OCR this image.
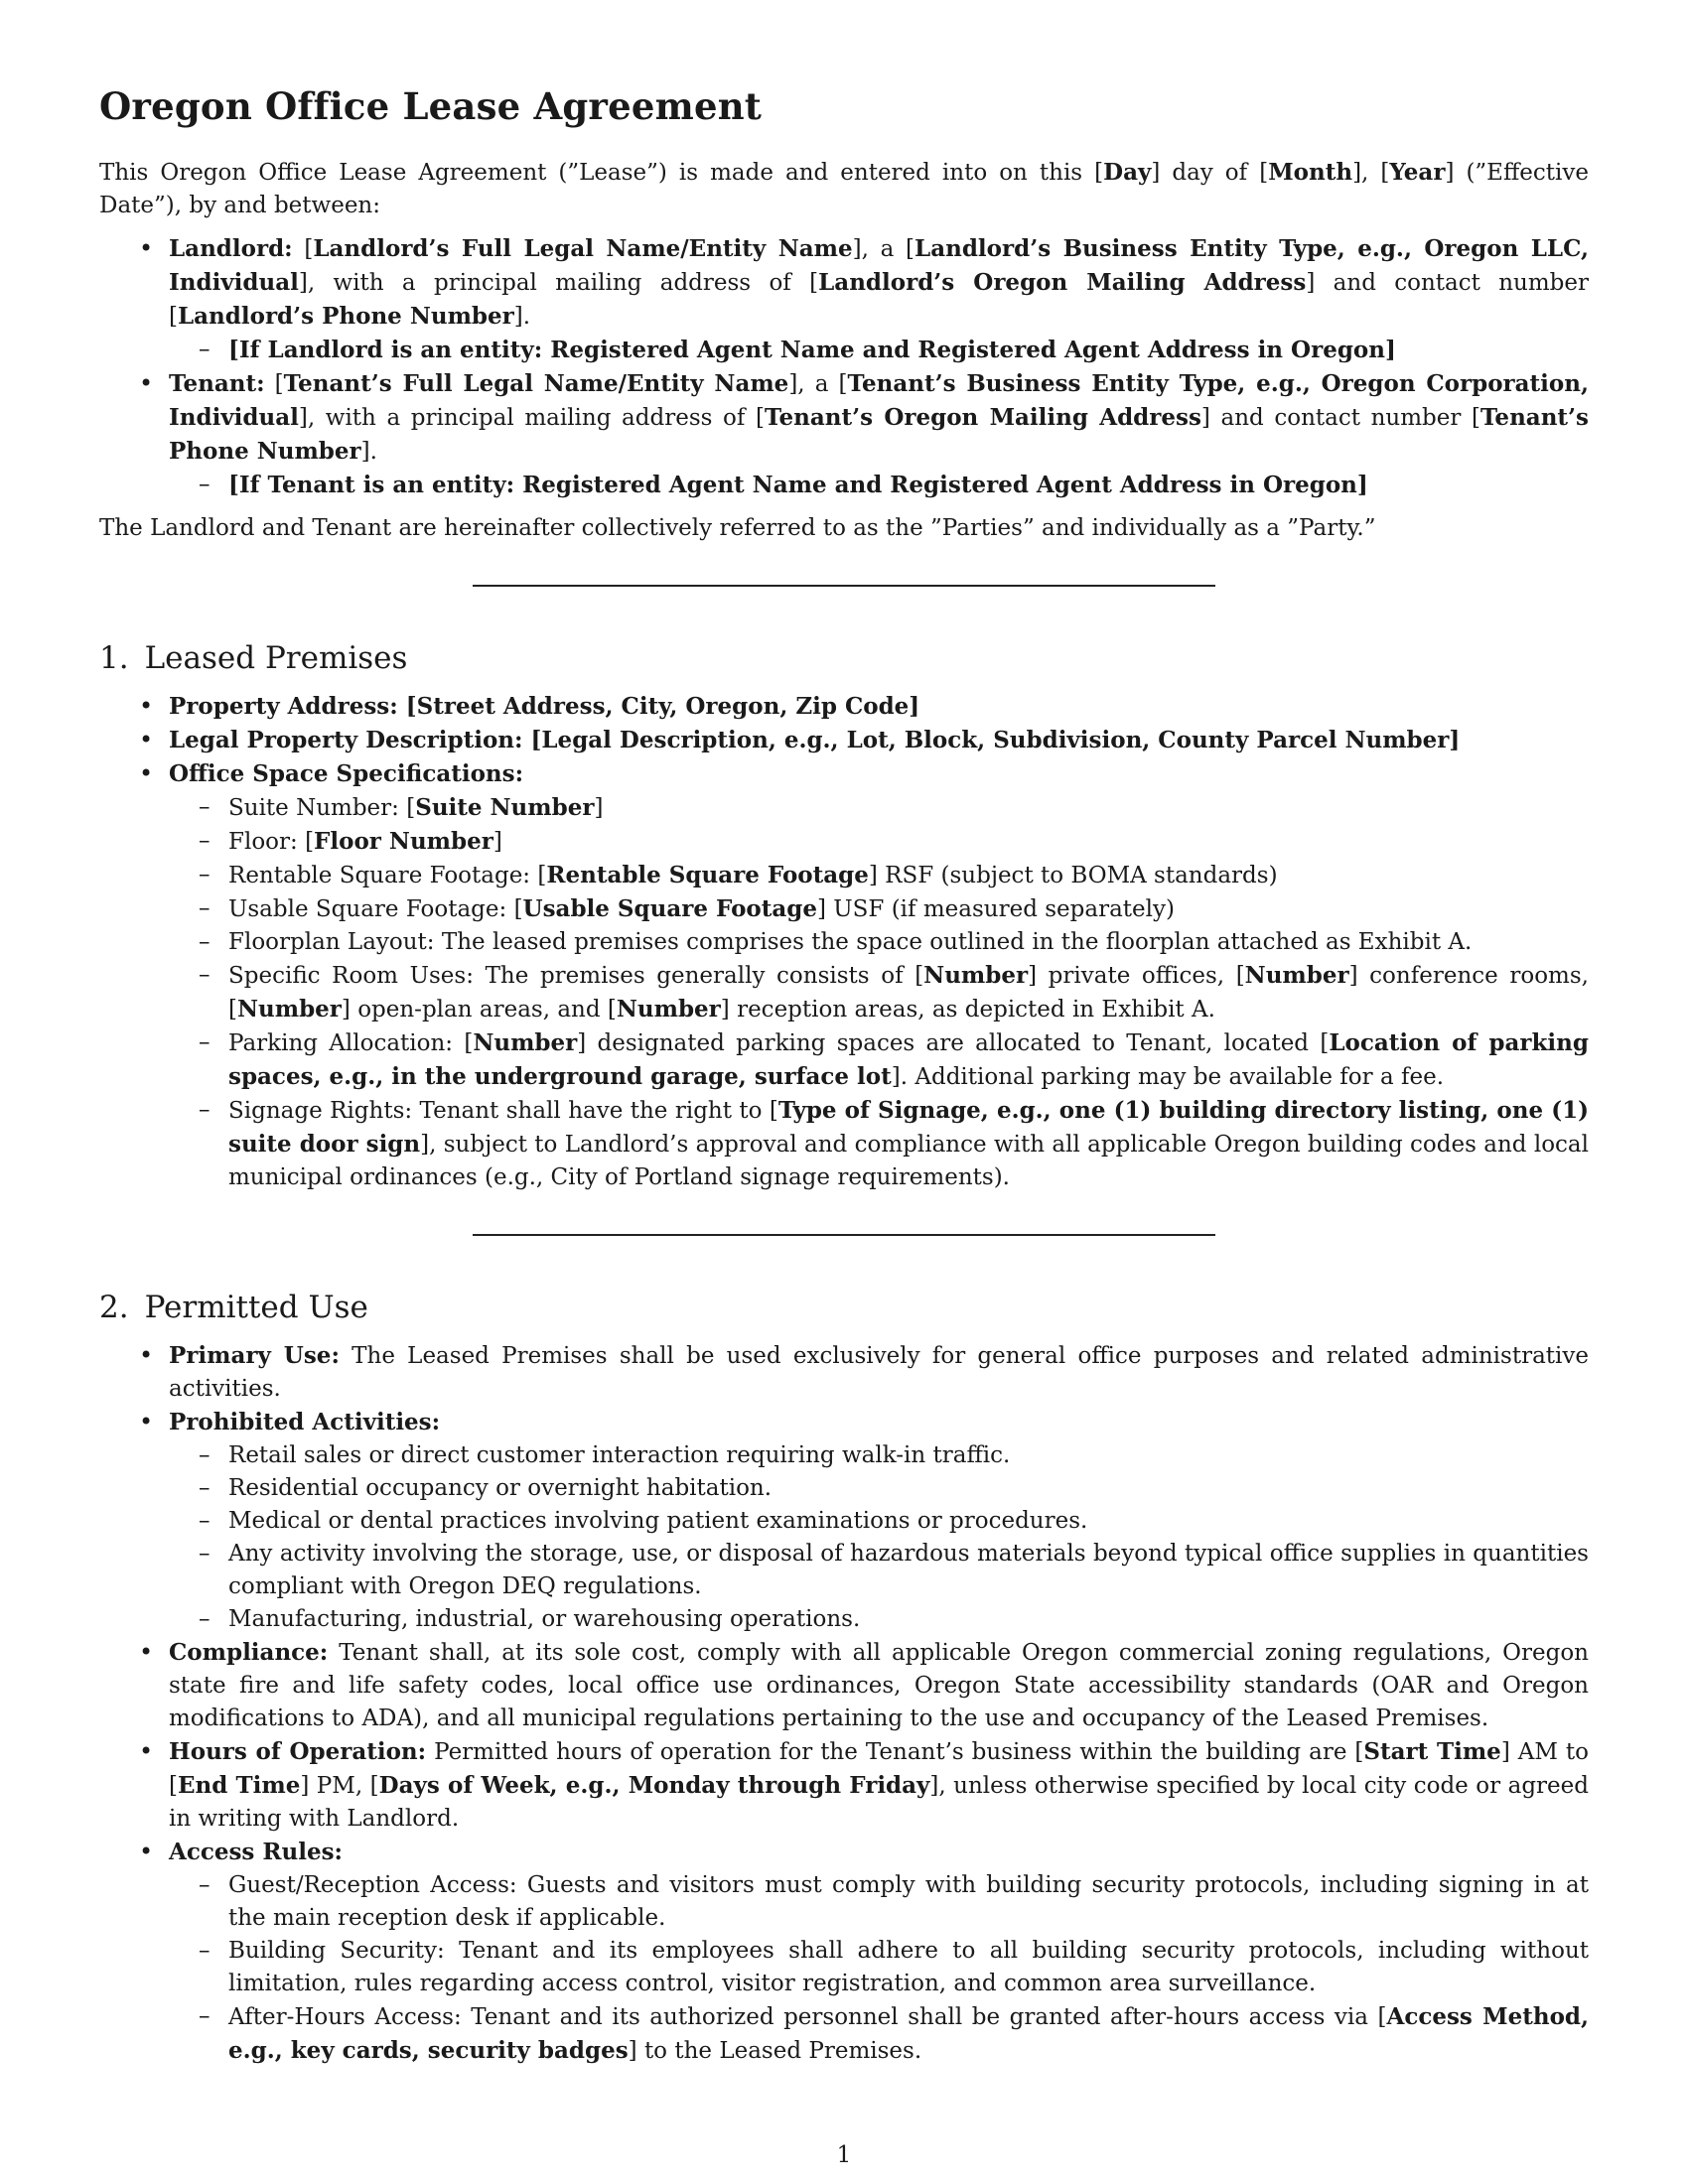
Oregon Office Lease Agreement

This Oregon Office Lease Agreement (”Lease”) is made and entered into on this [Day] day of [Month], [Year] (”Effective Date”), by and between:

• Landlord: [Landlord’s Full Legal Name/Entity Name], a [Landlord’s Business Entity Type, e.g., Oregon LLC, Individual], with a principal mailing address of [Landlord’s Oregon Mailing Address] and contact number [Landlord’s Phone Number].
– [If Landlord is an entity: Registered Agent Name and Registered Agent Address in Oregon]
• Tenant: [Tenant’s Full Legal Name/Entity Name], a [Tenant’s Business Entity Type, e.g., Oregon Corporation, Individual], with a principal mailing address of [Tenant’s Oregon Mailing Address] and contact number [Tenant’s Phone Number].
– [If Tenant is an entity: Registered Agent Name and Registered Agent Address in Oregon]

The Landlord and Tenant are hereinafter collectively referred to as the ”Parties” and individually as a ”Party.”

1. Leased Premises
• Property Address: [Street Address, City, Oregon, Zip Code]
• Legal Property Description: [Legal Description, e.g., Lot, Block, Subdivision, County Parcel Number]
• Office Space Specifications:
– Suite Number: [Suite Number]
– Floor: [Floor Number]
– Rentable Square Footage: [Rentable Square Footage] RSF (subject to BOMA standards)
– Usable Square Footage: [Usable Square Footage] USF (if measured separately)
– Floorplan Layout: The leased premises comprises the space outlined in the floorplan attached as Exhibit A.
– Specific Room Uses: The premises generally consists of [Number] private offices, [Number] conference rooms, [Number] open-plan areas, and [Number] reception areas, as depicted in Exhibit A.
– Parking Allocation: [Number] designated parking spaces are allocated to Tenant, located [Location of parking spaces, e.g., in the underground garage, surface lot]. Additional parking may be available for a fee.
– Signage Rights: Tenant shall have the right to [Type of Signage, e.g., one (1) building directory listing, one (1) suite door sign], subject to Landlord’s approval and compliance with all applicable Oregon building codes and local municipal ordinances (e.g., City of Portland signage requirements).
2. Permitted Use
• Primary Use: The Leased Premises shall be used exclusively for general office purposes and related administrative activities.
• Prohibited Activities:
– Retail sales or direct customer interaction requiring walk-in traffic.
– Residential occupancy or overnight habitation.
– Medical or dental practices involving patient examinations or procedures.
– Any activity involving the storage, use, or disposal of hazardous materials beyond typical office supplies in quantities compliant with Oregon DEQ regulations.
– Manufacturing, industrial, or warehousing operations.
• Compliance: Tenant shall, at its sole cost, comply with all applicable Oregon commercial zoning regulations, Oregon state fire and life safety codes, local office use ordinances, Oregon State accessibility standards (OAR and Oregon modifications to ADA), and all municipal regulations pertaining to the use and occupancy of the Leased Premises.
• Hours of Operation: Permitted hours of operation for the Tenant’s business within the building are [Start Time] AM to [End Time] PM, [Days of Week, e.g., Monday through Friday], unless otherwise specified by local city code or agreed in writing with Landlord.
• Access Rules:
– Guest/Reception Access: Guests and visitors must comply with building security protocols, including signing in at the main reception desk if applicable.
– Building Security: Tenant and its employees shall adhere to all building security protocols, including without limitation, rules regarding access control, visitor registration, and common area surveillance.
– After-Hours Access: Tenant and its authorized personnel shall be granted after-hours access via [Access Method, e.g., key cards, security badges] to the Leased Premises.
1
